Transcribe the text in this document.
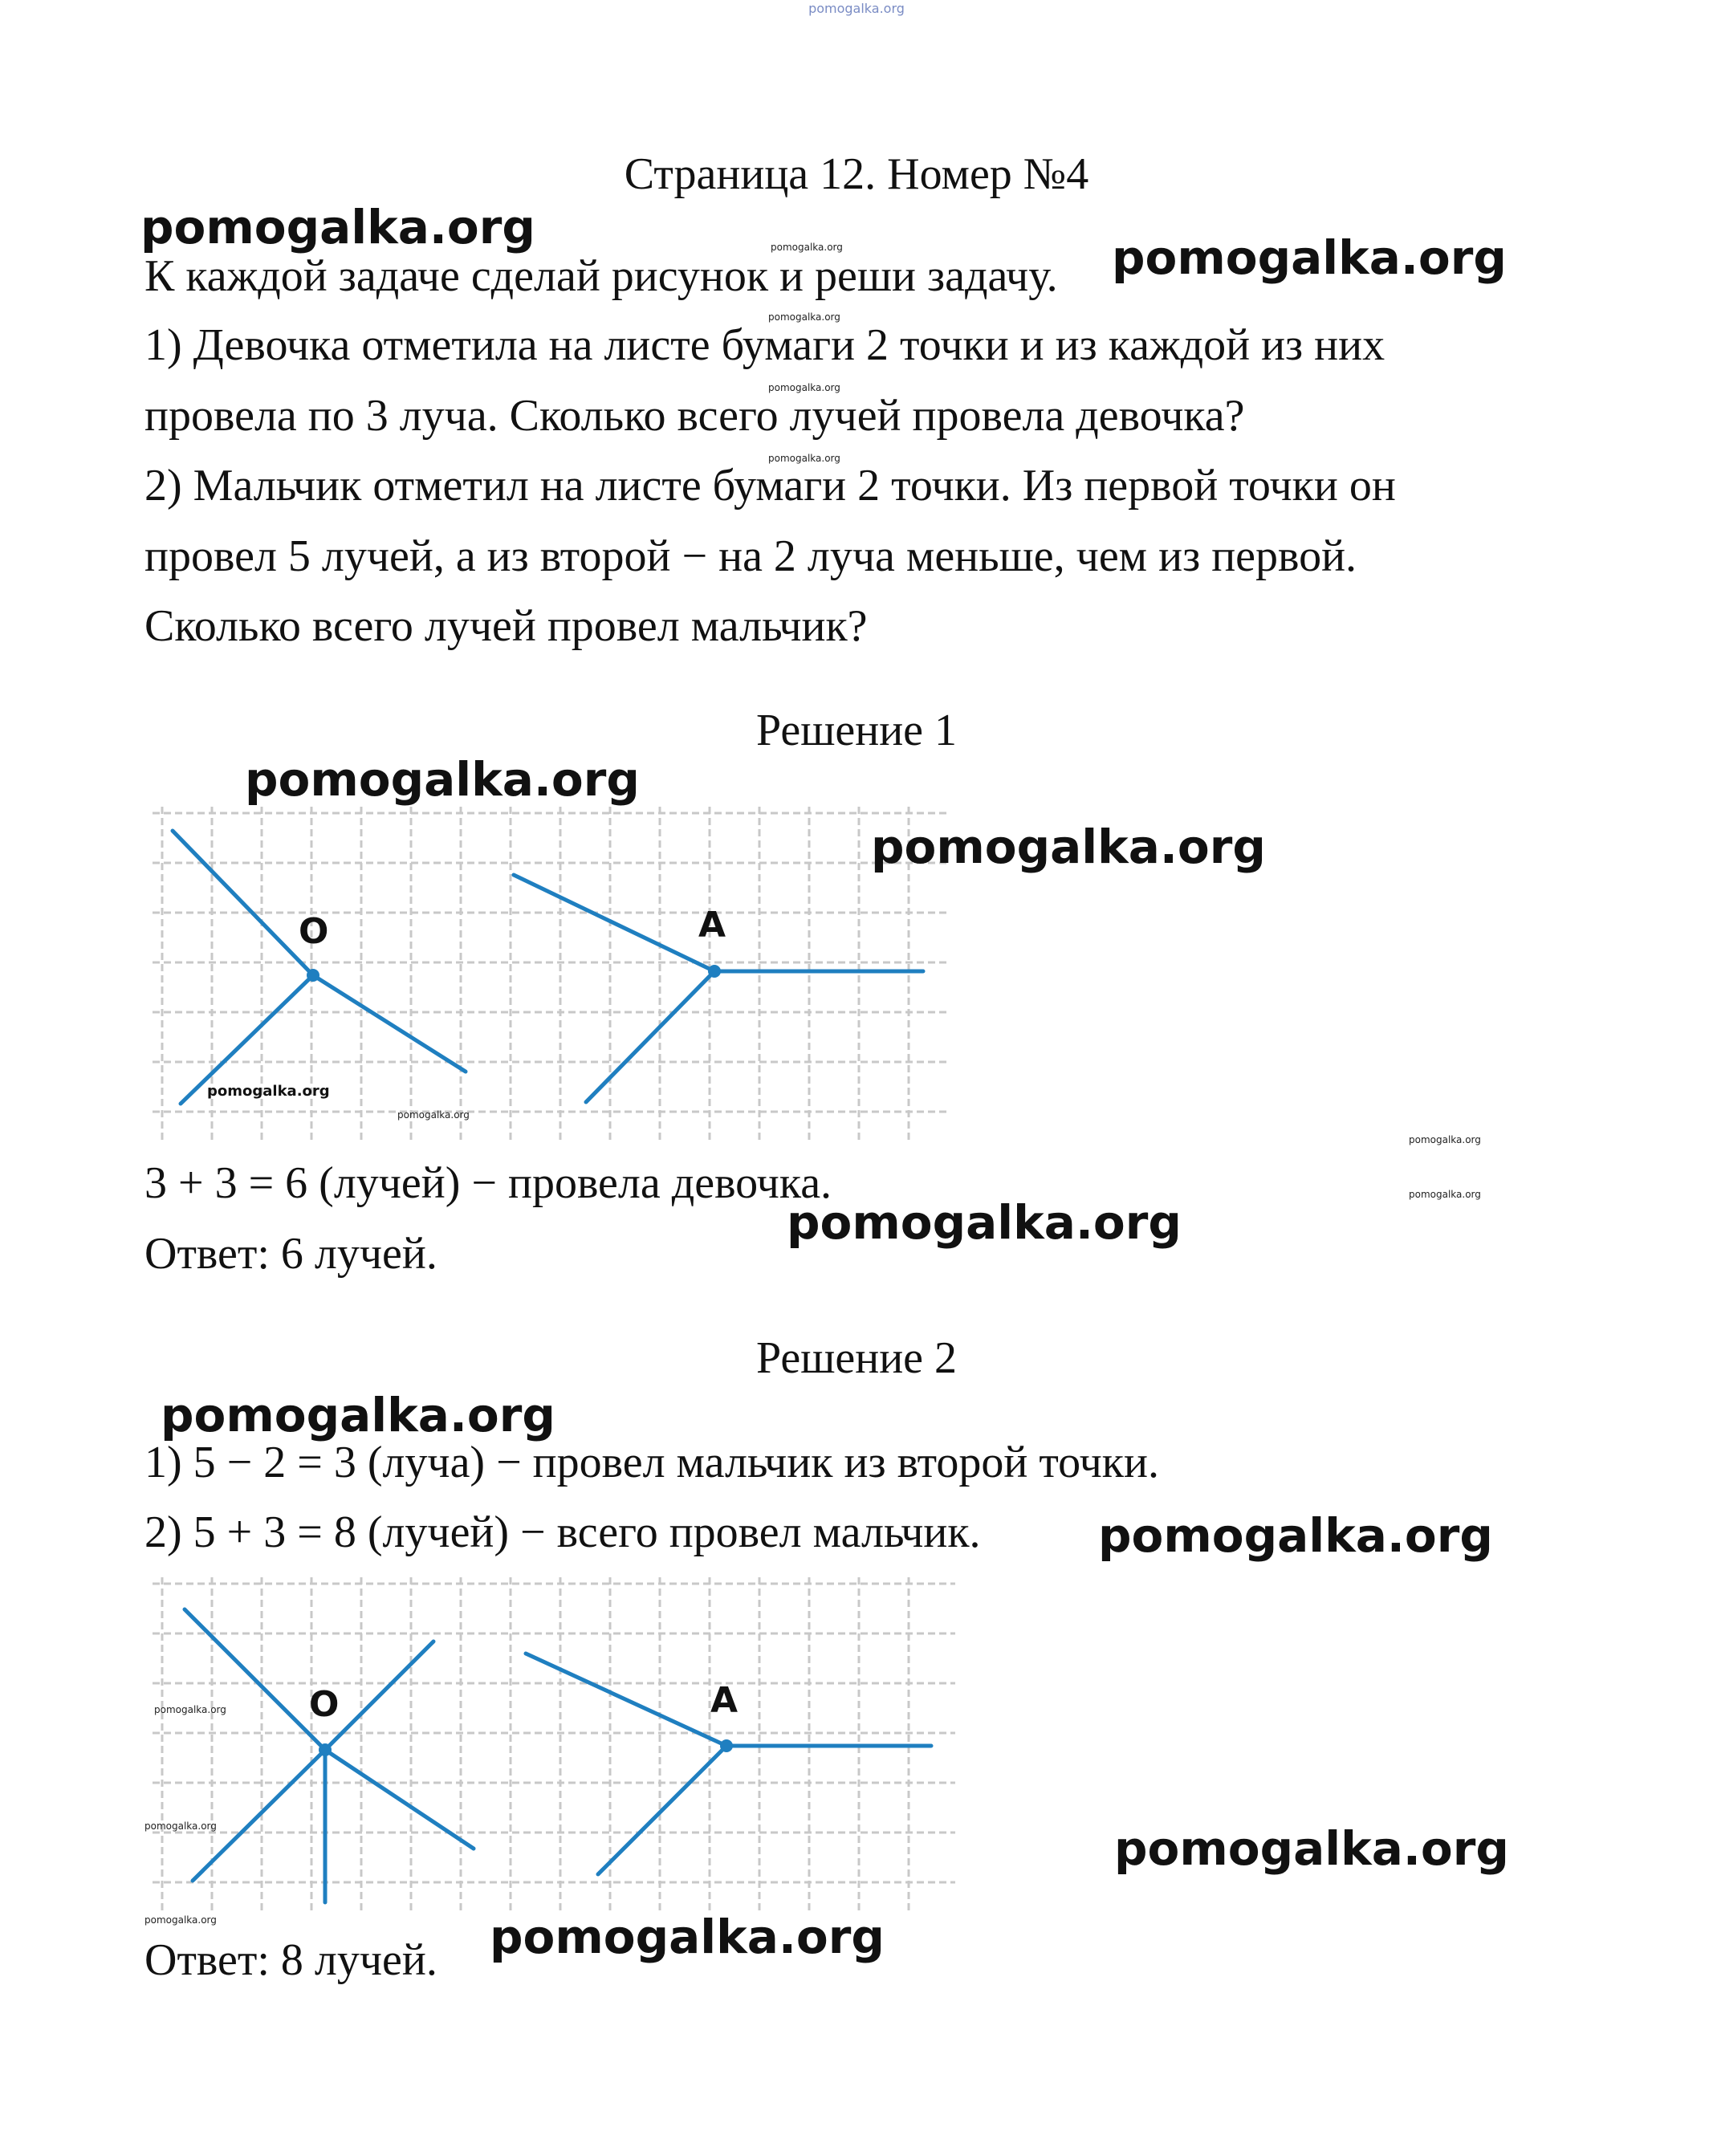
pomogalka.org
Страница 12. Номер №4
К каждой задаче сделай рисунок и реши задачу.
1) Девочка отметила на листе бумаги 2 точки и из каждой из них
провела по 3 луча. Сколько всего лучей провела девочка?
2) Мальчик отметил на листе бумаги 2 точки. Из первой точки он
провел 5 лучей, а из второй − на 2 луча меньше, чем из первой.
Сколько всего лучей провел мальчик?
Решение 1
O	A
3 + 3 = 6 (лучей) − провела девочка.
Ответ: 6 лучей.
Решение 2
1) 5 − 2 = 3 (луча) − провел мальчик из второй точки.
2) 5 + 3 = 8 (лучей) − всего провел мальчик.
O	A
Ответ: 8 лучей.
pomogalka.org
pomogalka.org
pomogalka.org
pomogalka.org
pomogalka.org
pomogalka.org
pomogalka.org
pomogalka.org
pomogalka.org
pomogalka.org
pomogalka.org
pomogalka.org
pomogalka.org
pomogalka.org
pomogalka.org
pomogalka.org
pomogalka.org
pomogalka.org
pomogalka.org
pomogalka.org
